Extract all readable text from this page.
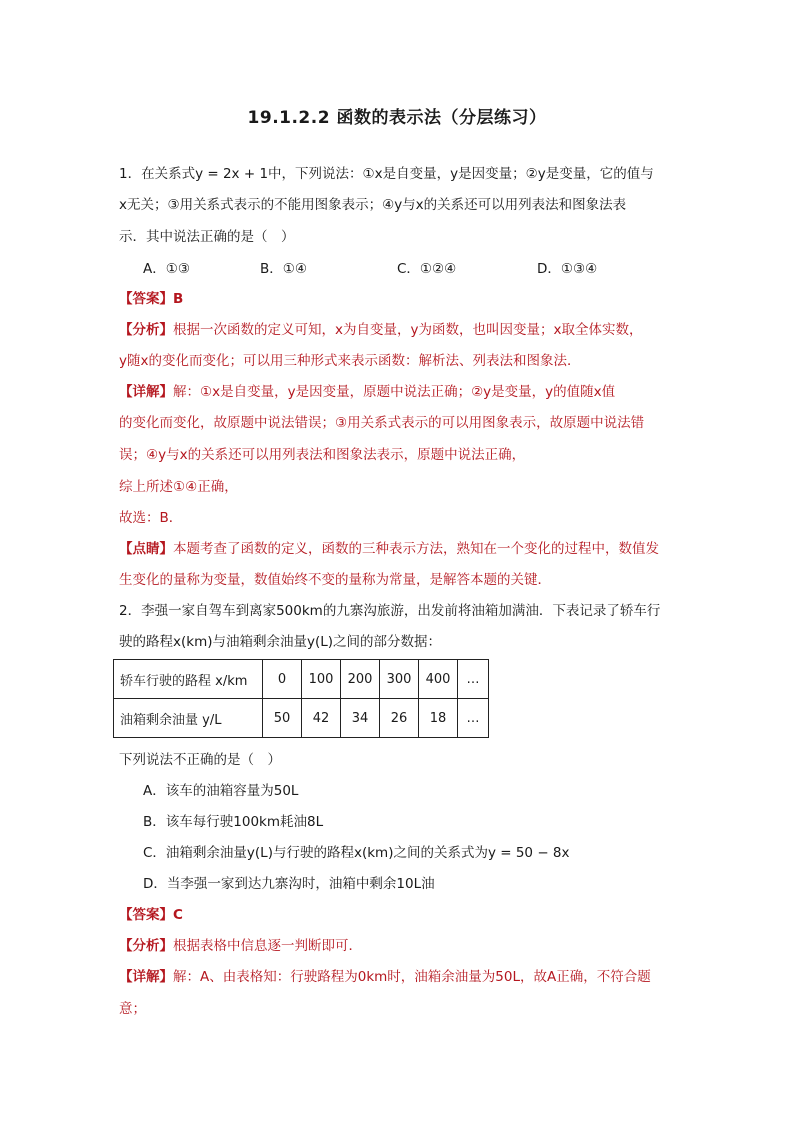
19.1.2.2 函数的表示法（分层练习）
1．在关系式y = 2x + 1中，下列说法：①x是自变量，y是因变量；②y是变量，它的值与
x无关；③用关系式表示的不能用图象表示；④y与x的关系还可以用列表法和图象法表
示．其中说法正确的是（　）
A．①③	B．①④	C．①②④	D．①③④
【答案】B
【分析】根据一次函数的定义可知，x为自变量，y为函数，也叫因变量；x取全体实数，
y随x的变化而变化；可以用三种形式来表示函数：解析法、列表法和图象法．
【详解】解：①x是自变量，y是因变量，原题中说法正确；②y是变量，y的值随x值
的变化而变化，故原题中说法错误；③用关系式表示的可以用图象表示，故原题中说法错
误；④y与x的关系还可以用列表法和图象法表示，原题中说法正确，
综上所述①④正确，
故选：B．
【点睛】本题考查了函数的定义，函数的三种表示方法，熟知在一个变化的过程中，数值发
生变化的量称为变量，数值始终不变的量称为常量，是解答本题的关键．
2．李强一家自驾车到离家500km的九寨沟旅游，出发前将油箱加满油．下表记录了轿车行
驶的路程x(km)与油箱剩余油量y(L)之间的部分数据：
轿车行驶的路程 x/km	0	100	200	300	400	…
油箱剩余油量 y/L	50	42	34	26	18	…
下列说法不正确的是（　）
A．该车的油箱容量为50L
B．该车每行驶100km耗油8L
C．油箱剩余油量y(L)与行驶的路程x(km)之间的关系式为y = 50 − 8x
D．当李强一家到达九寨沟时，油箱中剩余10L油
【答案】C
【分析】根据表格中信息逐一判断即可．
【详解】解：A、由表格知：行驶路程为0km时，油箱余油量为50L，故A正确，不符合题
意；
